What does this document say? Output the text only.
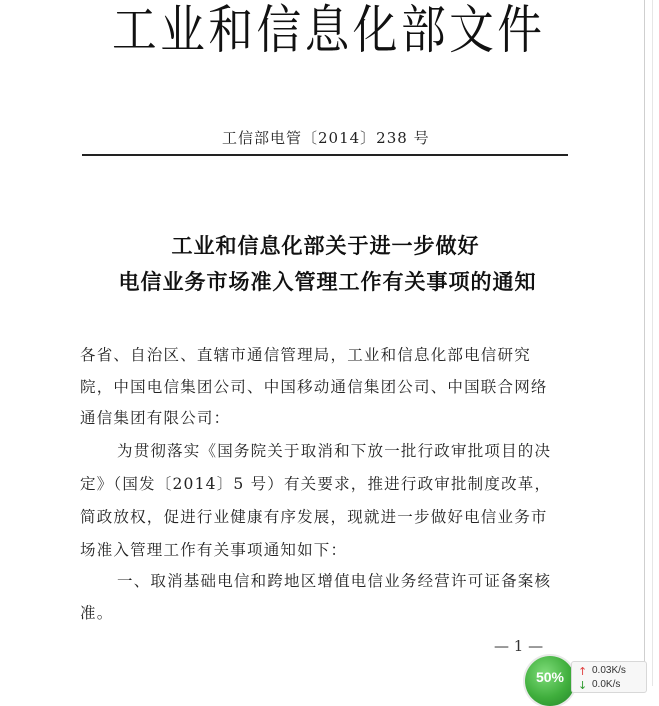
工业和信息化部文件
工信部电管〔2014〕238 号
工业和信息化部关于进一步做好
电信业务市场准入管理工作有关事项的通知
各省、自治区、直辖市通信管理局，工业和信息化部电信研究
院，中国电信集团公司、中国移动通信集团公司、中国联合网络
通信集团有限公司：
为贯彻落实《国务院关于取消和下放一批行政审批项目的决
定》（国发〔2014〕5 号）有关要求，推进行政审批制度改革，
简政放权，促进行业健康有序发展，现就进一步做好电信业务市
场准入管理工作有关事项通知如下：
一、取消基础电信和跨地区增值电信业务经营许可证备案核
准。
— 1 —
50%	↑ 0.03K/s
↓ 0.0K/s
